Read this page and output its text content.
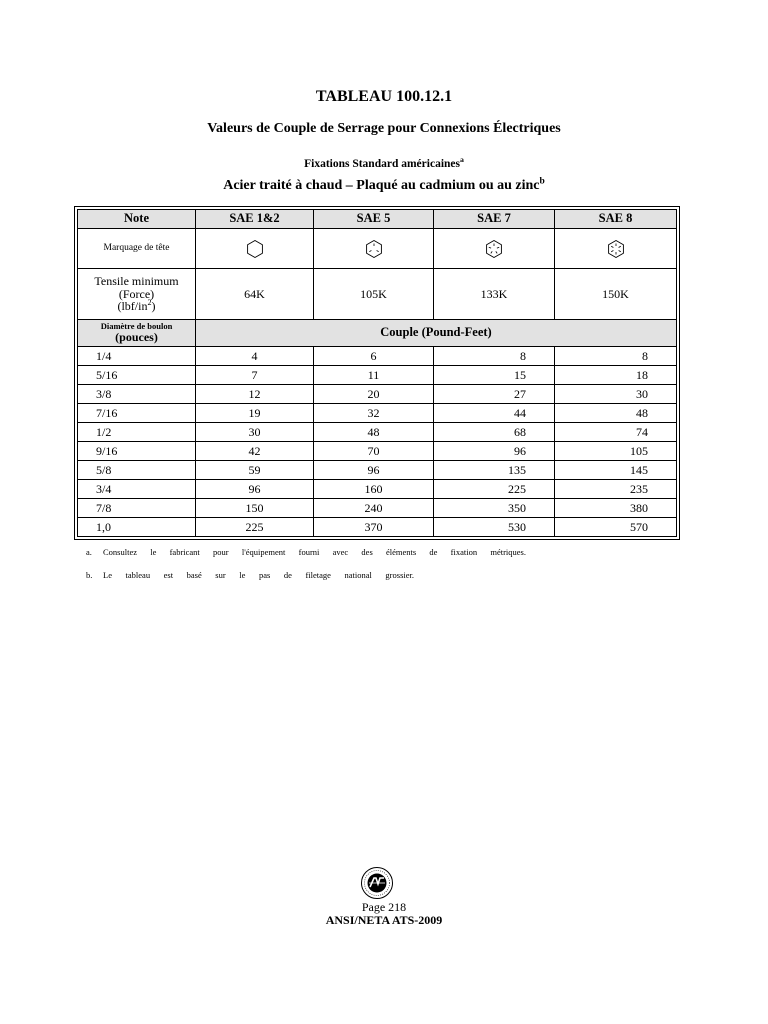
TABLEAU 100.12.1
Valeurs de Couple de Serrage pour Connexions Électriques
Fixations Standard américaines$^a$
Acier traité à chaud – Plaqué au cadmium ou au zinc$^b$
Note	SAE 1&2	SAE 5	SAE 7	SAE 8
Marquage de tête	

Tensile minimum
(Force)
$(lbf/in^2)$	64K	105K	133K	150K

Diamètre de boulon
(pouces)	Couple (Pound-Feet)			
1/4	4	6	8	8
5/16	7	11	15	18
3/8	12	20	27	30
7/16	19	32	44	48
1/2	30	48	68	74
9/16	42	70	96	105
5/8	59	96	135	145
3/4	96	160	225	235
7/8	150	240	350	380
1,0	225	370	530	570
a.	Consultez le fabricant pour l'équipement fourni avec des éléments de fixation métriques.
b.	Le tableau est basé sur le pas de filetage national grossier.
Page 218
ANSI/NETA ATS-2009
